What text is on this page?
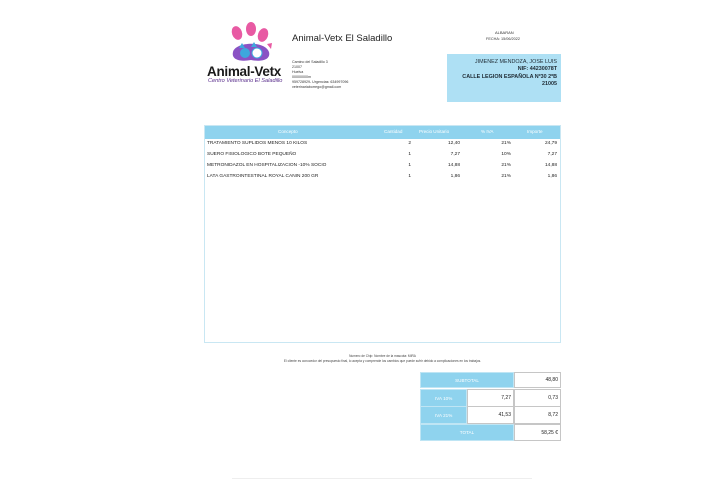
Animal-Vetx
Centro Veterinario El Saladillo
Animal-Vetx El Saladillo
Camino del Saladillo 3
21007
Huelva
00000000m
959728929- Urgencias: 634997096
veterinariaborrego@gmail.com
ALBARAN
FECHA: 15/06/2022
JIMENEZ MENDOZA, JOSE LUIS
NIF: 44230078T
CALLE LEGION ESPAÑOLA Nº30 2ºB
21005
Concepto	Cantidad	Precio Unitario	% IVA	Importe
TRATAMIENTO SUPLIDOS MENOS 10 KILOS	2	12,40	21%	24,79
SUERO FISIOLOGICO BOTE PEQUEÑO	1	7,27	10%	7,27
METRONIDAZOL EN HOSPITALIZACION -10% SOCIO	1	14,88	21%	14,88
LATA GASTROINTESTINAL ROYAL CANIN 200 GR	1	1,86	21%	1,86
Numero de Chip: Nombre de la mascota: MIRA
El cliente es conocedor del presupuesto final, lo acepta y comprende los cambios que puede sufrir debido a complicaciones en los trabajos.
SUBTOTAL	48,80
IVA 10%	7,27	0,73
IVA 21%	41,53	8,72
TOTAL	58,25 €
